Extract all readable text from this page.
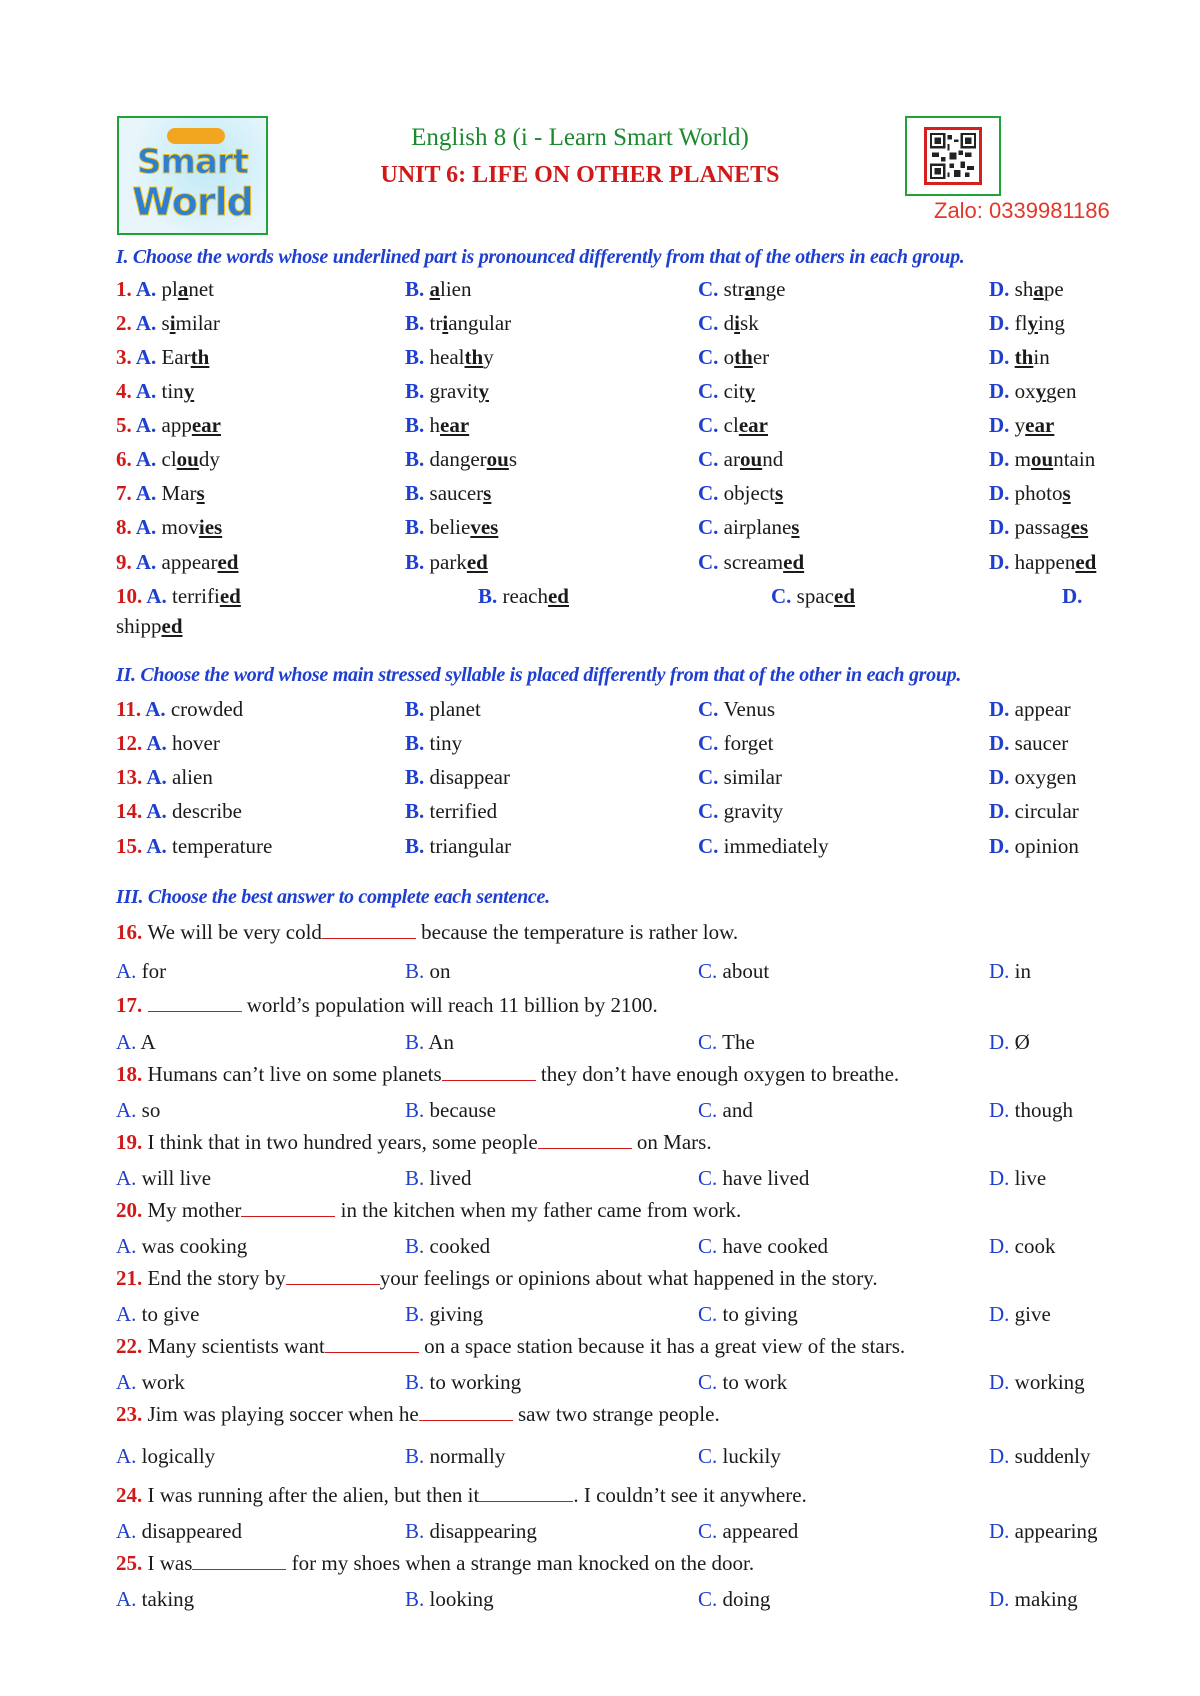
Smart
World
English 8 (i - Learn Smart World)
UNIT 6: LIFE ON OTHER PLANETS
Zalo: 0339981186
I. Choose the words whose underlined part is pronounced differently from that of the others in each group.
1. A. planet	B. alien	C. strange	D. shape
2. A. similar	B. triangular	C. disk	D. flying
3. A. Earth	B. healthy	C. other	D. thin
4. A. tiny	B. gravity	C. city	D. oxygen
5. A. appear	B. hear	C. clear	D. year
6. A. cloudy	B. dangerous	C. around	D. mountain
7. A. Mars	B. saucers	C. objects	D. photos
8. A. movies	B. believes	C. airplanes	D. passages
9. A. appeared	B. parked	C. screamed	D. happened
10. A. terrified	B. reached	C. spaced	D.
shipped
II. Choose the word whose main stressed syllable is placed differently from that of the other in each group.
11. A. crowded	B. planet	C. Venus	D. appear
12. A. hover	B. tiny	C. forget	D. saucer
13. A. alien	B. disappear	C. similar	D. oxygen
14. A. describe	B. terrified	C. gravity	D. circular
15. A. temperature	B. triangular	C. immediately	D. opinion
III. Choose the best answer to complete each sentence.
16. We will be very cold	because the temperature is rather low.
A. for	B. on	C. about	D. in
17.	world’s population will reach 11 billion by 2100.
A. A	B. An	C. The	D. Ø
18. Humans can’t live on some planets	they don’t have enough oxygen to breathe.
A. so	B. because	C. and	D. though
19. I think that in two hundred years, some people	on Mars.
A. will live	B. lived	C. have lived	D. live
20. My mother	in the kitchen when my father came from work.
A. was cooking	B. cooked	C. have cooked	D. cook
21. End the story by	your feelings or opinions about what happened in the story.
A. to give	B. giving	C. to giving	D. give
22. Many scientists want	on a space station because it has a great view of the stars.
A. work	B. to working	C. to work	D. working
23. Jim was playing soccer when he	saw two strange people.
A. logically	B. normally	C. luckily	D. suddenly
24. I was running after the alien, but then it	. I couldn’t see it anywhere.
A. disappeared	B. disappearing	C. appeared	D. appearing
25. I was	for my shoes when a strange man knocked on the door.
A. taking	B. looking	C. doing	D. making
